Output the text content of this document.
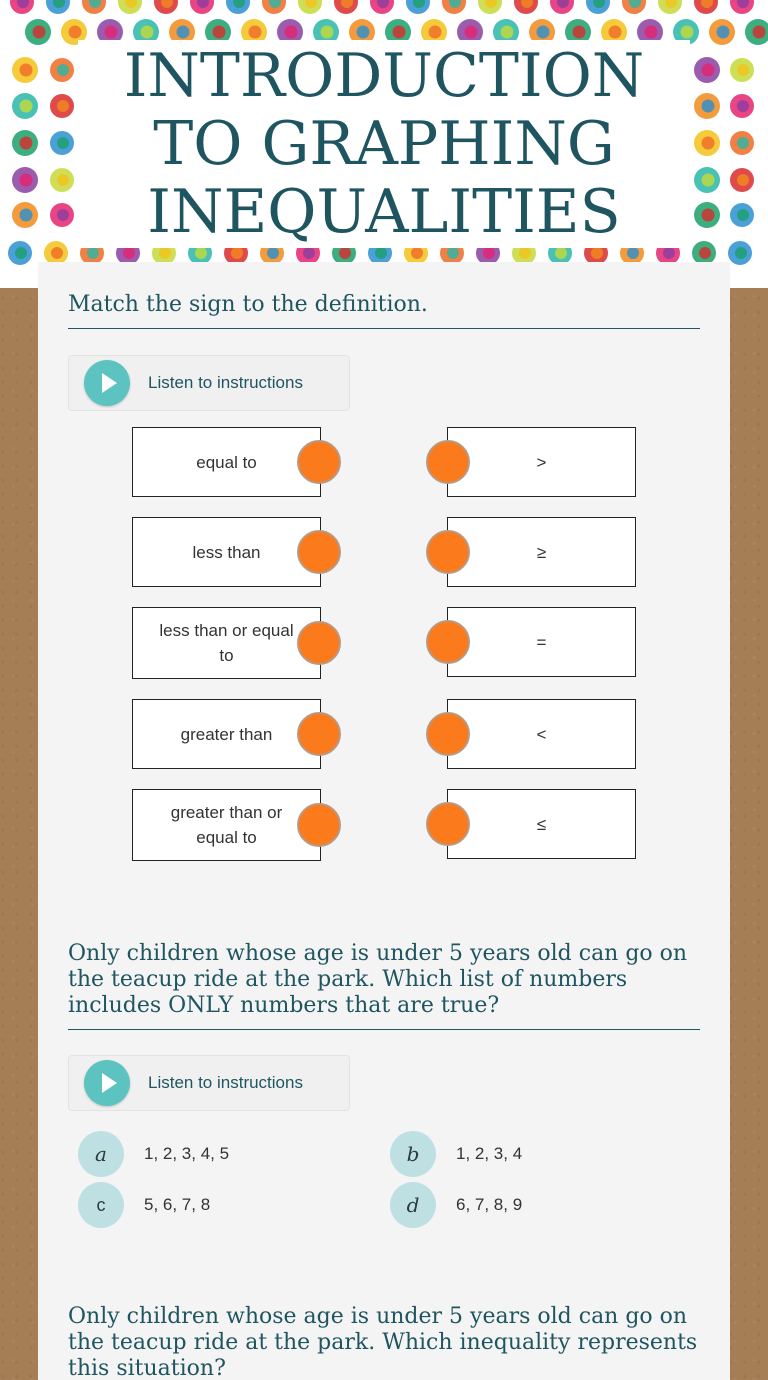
INTRODUCTION TO GRAPHING INEQUALITIES
Match the sign to the definition.
Listen to instructions
equal to
less than
less than or equal to
greater than
greater than or equal to
>
≥
=
<
≤
Only children whose age is under 5 years old can go on the teacup ride at the park. Which list of numbers includes ONLY numbers that are true?
Listen to instructions
a	1, 2, 3, 4, 5	b	1, 2, 3, 4
c	5, 6, 7, 8	d	6, 7, 8, 9
Only children whose age is under 5 years old can go on the teacup ride at the park. Which inequality represents this situation?
